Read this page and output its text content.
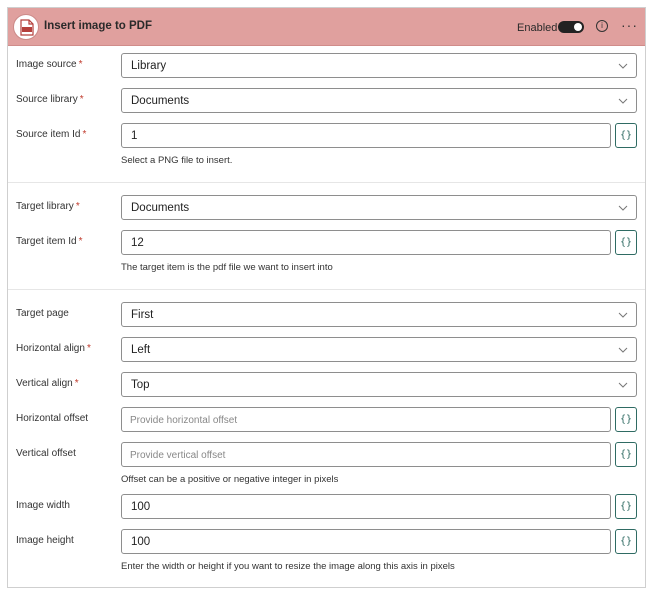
Insert image to PDF	Enabled	i	···
Image source *	Library
Source library *	Documents
Source item Id *	1	{}
Select a PNG file to insert.
Target library *	Documents
Target item Id *	12	{}
The target item is the pdf file we want to insert into
Target page	First
Horizontal align *	Left
Vertical align *	Top
Horizontal offset	Provide horizontal offset	{}
Vertical offset	Provide vertical offset	{}
Offset can be a positive or negative integer in pixels
Image width	100	{}
Image height	100	{}
Enter the width or height if you want to resize the image along this axis in pixels
